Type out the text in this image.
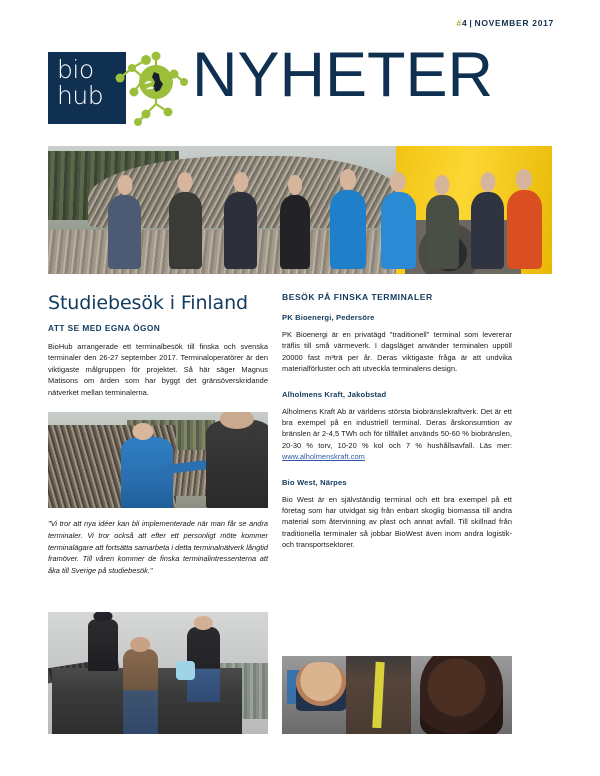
#4 | NOVEMBER 2017
bio
hub NYHETER
Studiebesök i Finland

ATT SE MED EGNA ÖGON

BioHub arrangerade ett terminalbesök till finska och svenska terminaler den 26-27 september 2017. Terminaloperatörer är den viktigaste målgruppen för projektet. Så här säger Magnus Matisons om ärden som har byggt det gränsöverskridande nätverket mellan terminalerna.

"Vi tror att nya idéer kan bli implementerade när man får se andra terminaler. Vi tror också att efter ett personligt möte kommer terminalägare att fortsätta samarbeta i detta terminalnätverk långtid framöver. Till våren kommer de finska terminalintressenterna att åka till Sverige på studiebesök."

BESÖK PÅ FINSKA TERMINALER

PK Bioenergi, Pedersöre

PK Bioenergi är en privatägd "traditionell" terminal som levererar träflis till små värmeverk. I dagsläget använder terminalen upptill 20000 fast m³trä per år. Deras viktigaste fråga är att undvika materialförluster och att utveckla terminalens design.

Alholmens Kraft, Jakobstad

Alholmens Kraft Ab är världens största biobränslekraftverk. Det är ett bra exempel på en industriell terminal. Deras årskonsumtion av bränslen är 2-4,5 TWh och för tillfället används 50-60 % biobränslen, 20-30 % torv, 10-20 % kol och 7 % hushållsavfall. Läs mer: www.alholmenskraft.com

Bio West, Närpes

Bio West är en självständig terminal och ett bra exempel på ett företag som har utvidgat sig från enbart skoglig biomassa till andra material som återvinning av plast och annat avfall. Till skillnad från traditionella terminaler så jobbar BioWest även inom andra logistik- och transportsektorer.
